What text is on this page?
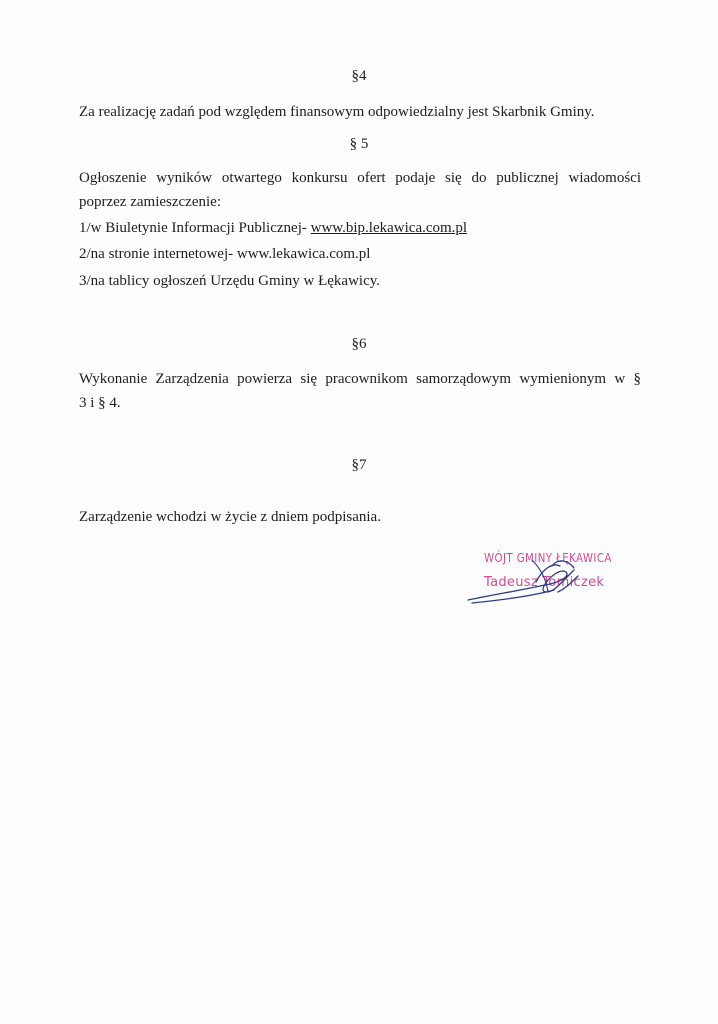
§4
Za realizację zadań pod względem finansowym odpowiedzialny jest Skarbnik Gminy.
§ 5
Ogłoszenie wyników otwartego konkursu ofert podaje się do publicznej wiadomości
poprzez zamieszczenie:
1/w Biuletynie Informacji Publicznej- www.bip.lekawica.com.pl
2/na stronie internetowej- www.lekawica.com.pl
3/na tablicy ogłoszeń Urzędu Gminy w Łękawicy.
§6
Wykonanie Zarządzenia powierza się pracownikom samorządowym wymienionym w §
3 i § 4.
§7
Zarządzenie wchodzi w życie z dniem podpisania.
WÓJT GMINY ŁĘKAWICA
Tadeusz Tomiczek
